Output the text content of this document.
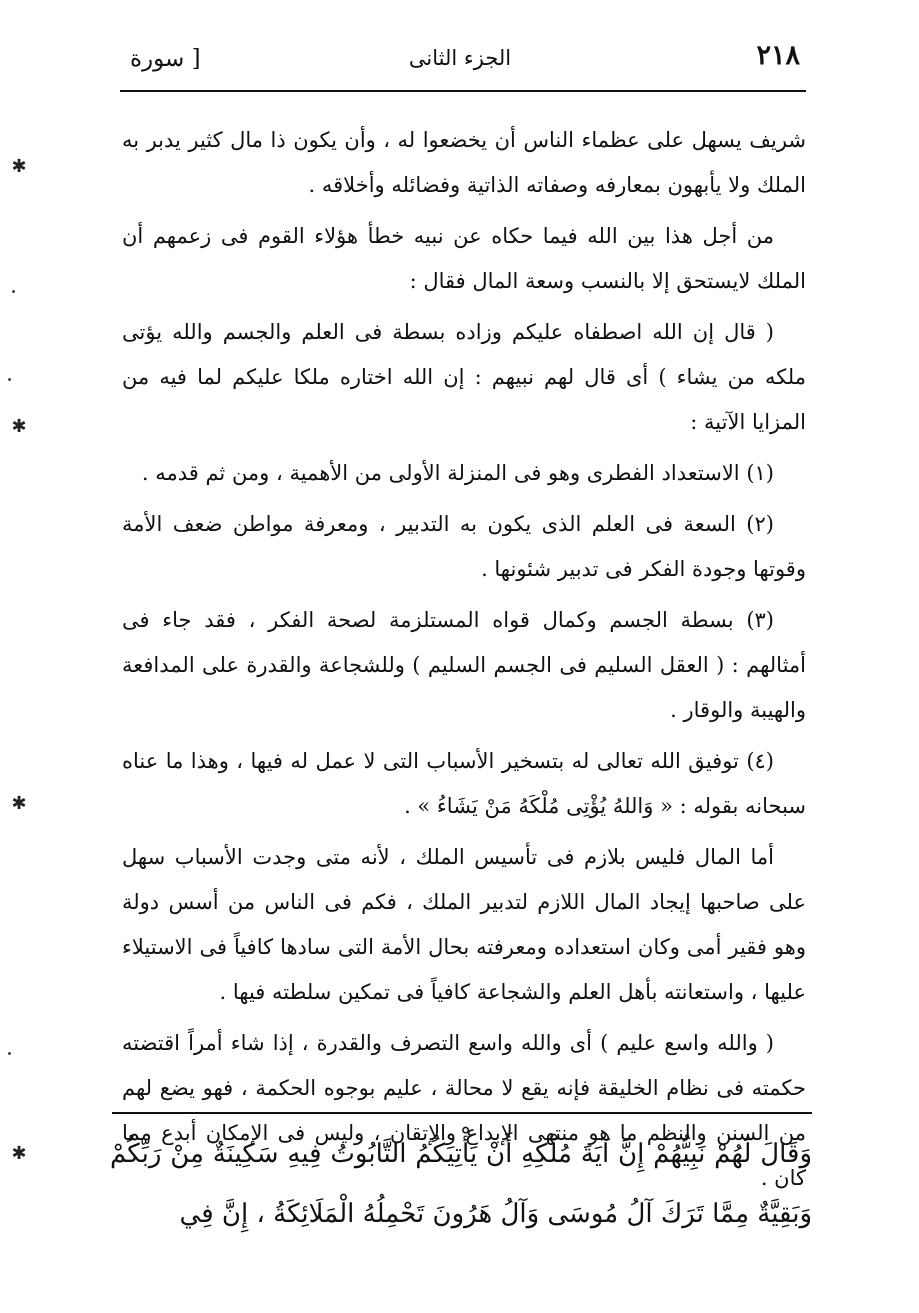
٢١٨
الجزء الثانى
[ سورة

شريف يسهل على عظماء الناس أن يخضعوا له ، وأن يكون ذا مال كثير يدبر به الملك ولا يأبهون بمعارفه وصفاته الذاتية وفضائله وأخلاقه .

من أجل هذا بين الله فيما حكاه عن نبيه خطأ هؤلاء القوم فى زعمهم أن الملك لايستحق إلا بالنسب وسعة المال فقال :

( قال إن الله اصطفاه عليكم وزاده بسطة فى العلم والجسم والله يؤتى ملكه من يشاء ) أى قال لهم نبيهم : إن الله اختاره ملكا عليكم لما فيه من المزايا الآتية :

(١) الاستعداد الفطرى وهو فى المنزلة الأولى من الأهمية ، ومن ثم قدمه .

(٢) السعة فى العلم الذى يكون به التدبير ، ومعرفة مواطن ضعف الأمة وقوتها وجودة الفكر فى تدبير شئونها .

(٣) بسطة الجسم وكمال قواه المستلزمة لصحة الفكر ، فقد جاء فى أمثالهم : ( العقل السليم فى الجسم السليم ) وللشجاعة والقدرة على المدافعة والهيبة والوقار .

(٤) توفيق الله تعالى له بتسخير الأسباب التى لا عمل له فيها ، وهذا ما عناه سبحانه بقوله : « وَاللهُ يُؤْتِى مُلْكَهُ مَنْ يَشَاءُ » .

أما المال فليس بلازم فى تأسيس الملك ، لأنه متى وجدت الأسباب سهل على صاحبها إيجاد المال اللازم لتدبير الملك ، فكم فى الناس من أسس دولة وهو فقير أمى وكان استعداده ومعرفته بحال الأمة التى سادها كافياً فى الاستيلاء عليها ، واستعانته بأهل العلم والشجاعة كافياً فى تمكين سلطته فيها .

( والله واسع عليم ) أى والله واسع التصرف والقدرة ، إذا شاء أمراً اقتضته حكمته فى نظام الخليقة فإنه يقع لا محالة ، عليم بوجوه الحكمة ، فهو يضع لهم من السنن والنظم ما هو منتهى الإبداع والإتقان ، وليس فى الإمكان أبدع مما كان .

وَقَالَ لَهُمْ نَبِيُّهُمْ إِنَّ آيَةَ مُلْكِهِ أَنْ يَأْتِيَكُمُ التَّابُوتُ فِيهِ سَكِينَةٌ مِنْ رَبِّكُمْ وَبَقِيَّةٌ مِمَّا تَرَكَ آلُ مُوسَى وَآلُ هَرُونَ تَحْمِلُهُ الْمَلَائِكَةُ ، إِنَّ فِي

✱
✱
✱
✱
